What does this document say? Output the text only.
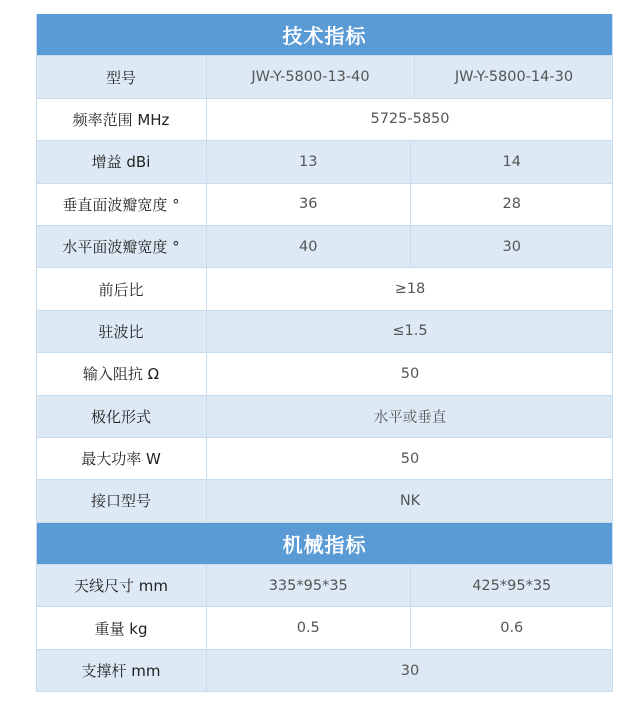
技术指标
型号	JW-Y-5800-13-40	JW-Y-5800-14-30
频率范围 MHz	5725-5850
增益 dBi	13	14
垂直面波瓣宽度 °	36	28
水平面波瓣宽度 °	40	30
前后比	≥18
驻波比	≤1.5
输入阻抗 Ω	50
极化形式	水平或垂直
最大功率 W	50
接口型号	NK
机械指标
天线尺寸 mm	335*95*35	425*95*35
重量 kg	0.5	0.6
支撑杆 mm	30
